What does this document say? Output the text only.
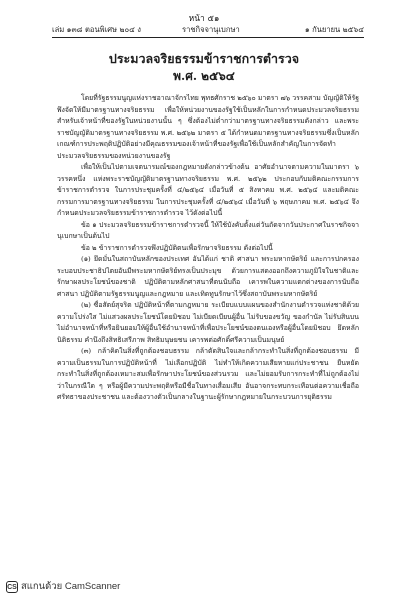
หน้า ๕๑
เล่ม ๑๓๘ ตอนพิเศษ ๒๐๔ ง	ราชกิจจานุเบกษา	๑ กันยายน ๒๕๖๔
ประมวลจริยธรรมข้าราชการตำรวจ
พ.ศ. ๒๕๖๔

โดยที่รัฐธรรมนูญแห่งราชอาณาจักรไทย พุทธศักราช ๒๕๖๐ มาตรา ๗๖ วรรคสาม บัญญัติให้รัฐพึงจัดให้มีมาตรฐานทางจริยธรรม เพื่อให้หน่วยงานของรัฐใช้เป็นหลักในการกำหนดประมวลจริยธรรมสำหรับเจ้าหน้าที่ของรัฐในหน่วยงานนั้น ๆ ซึ่งต้องไม่ต่ำกว่ามาตรฐานทางจริยธรรมดังกล่าว และพระราชบัญญัติมาตรฐานทางจริยธรรม พ.ศ. ๒๕๖๒ มาตรา ๕ ได้กำหนดมาตรฐานทางจริยธรรมซึ่งเป็นหลักเกณฑ์การประพฤติปฏิบัติอย่างมีคุณธรรมของเจ้าหน้าที่ของรัฐเพื่อใช้เป็นหลักสำคัญในการจัดทำประมวลจริยธรรมของหน่วยงานของรัฐ

เพื่อให้เป็นไปตามเจตนารมณ์ของกฎหมายดังกล่าวข้างต้น อาศัยอำนาจตามความในมาตรา ๖ วรรคหนึ่ง แห่งพระราชบัญญัติมาตรฐานทางจริยธรรม พ.ศ. ๒๕๖๒ ประกอบกับมติคณะกรรมการข้าราชการตำรวจ ในการประชุมครั้งที่ ๔/๒๕๖๔ เมื่อวันที่ ๕ สิงหาคม พ.ศ. ๒๕๖๔ และมติคณะกรรมการมาตรฐานทางจริยธรรม ในการประชุมครั้งที่ ๔/๒๕๖๔ เมื่อวันที่ ๖ พฤษภาคม พ.ศ. ๒๕๖๔ จึงกำหนดประมวลจริยธรรมข้าราชการตำรวจ ไว้ดังต่อไปนี้

ข้อ ๑ ประมวลจริยธรรมข้าราชการตำรวจนี้ ให้ใช้บังคับตั้งแต่วันถัดจากวันประกาศในราชกิจจานุเบกษาเป็นต้นไป

ข้อ ๒ ข้าราชการตำรวจพึงปฏิบัติตนเพื่อรักษาจริยธรรม ดังต่อไปนี้

(๑) ยึดมั่นในสถาบันหลักของประเทศ อันได้แก่ ชาติ ศาสนา พระมหากษัตริย์ และการปกครองระบอบประชาธิปไตยอันมีพระมหากษัตริย์ทรงเป็นประมุข ด้วยการแสดงออกถึงความภูมิใจในชาติและรักษาผลประโยชน์ของชาติ ปฏิบัติตามหลักศาสนาที่ตนนับถือ เคารพในความแตกต่างของการนับถือศาสนา ปฏิบัติตามรัฐธรรมนูญและกฎหมาย และเทิดทูนรักษาไว้ซึ่งสถาบันพระมหากษัตริย์

(๒) ซื่อสัตย์สุจริต ปฏิบัติหน้าที่ตามกฎหมาย ระเบียบแบบแผนของสำนักงานตำรวจแห่งชาติด้วยความโปร่งใส ไม่แสวงผลประโยชน์โดยมิชอบ ไม่เบียดเบียนผู้อื่น ไม่รับของขวัญ ของกำนัล ไม่รับสินบน ไม่อำนาจหน้าที่หรือยินยอมให้ผู้อื่นใช้อำนาจหน้าที่เพื่อประโยชน์ของตนเองหรือผู้อื่นโดยมิชอบ ยึดหลักนิติธรรม คำนึงถึงสิทธิเสรีภาพ สิทธิมนุษยชน เคารพต่อศักดิ์ศรีความเป็นมนุษย์

(๓) กล้าคิดในสิ่งที่ถูกต้องชอบธรรม กล้าตัดสินใจและกล้ากระทำในสิ่งที่ถูกต้องชอบธรรม มีความเป็นธรรมในการปฏิบัติหน้าที่ ไม่เลือกปฏิบัติ ไม่ทำให้เกิดความเสียหายแก่ประชาชน ยืนหยัดกระทำในสิ่งที่ถูกต้องเหมาะสมเพื่อรักษาประโยชน์ของส่วนรวม และไม่ยอมรับการกระทำที่ไม่ถูกต้องไม่ว่าในกรณีใด ๆ หรือผู้มีความประพฤติหรือมีชื่อในทางเสื่อมเสีย อันอาจกระทบกระเทือนต่อความเชื่อถือศรัทธาของประชาชน และต้องวางตัวเป็นกลางในฐานะผู้รักษากฎหมายในกระบวนการยุติธรรม

CS สแกนด้วย CamScanner
